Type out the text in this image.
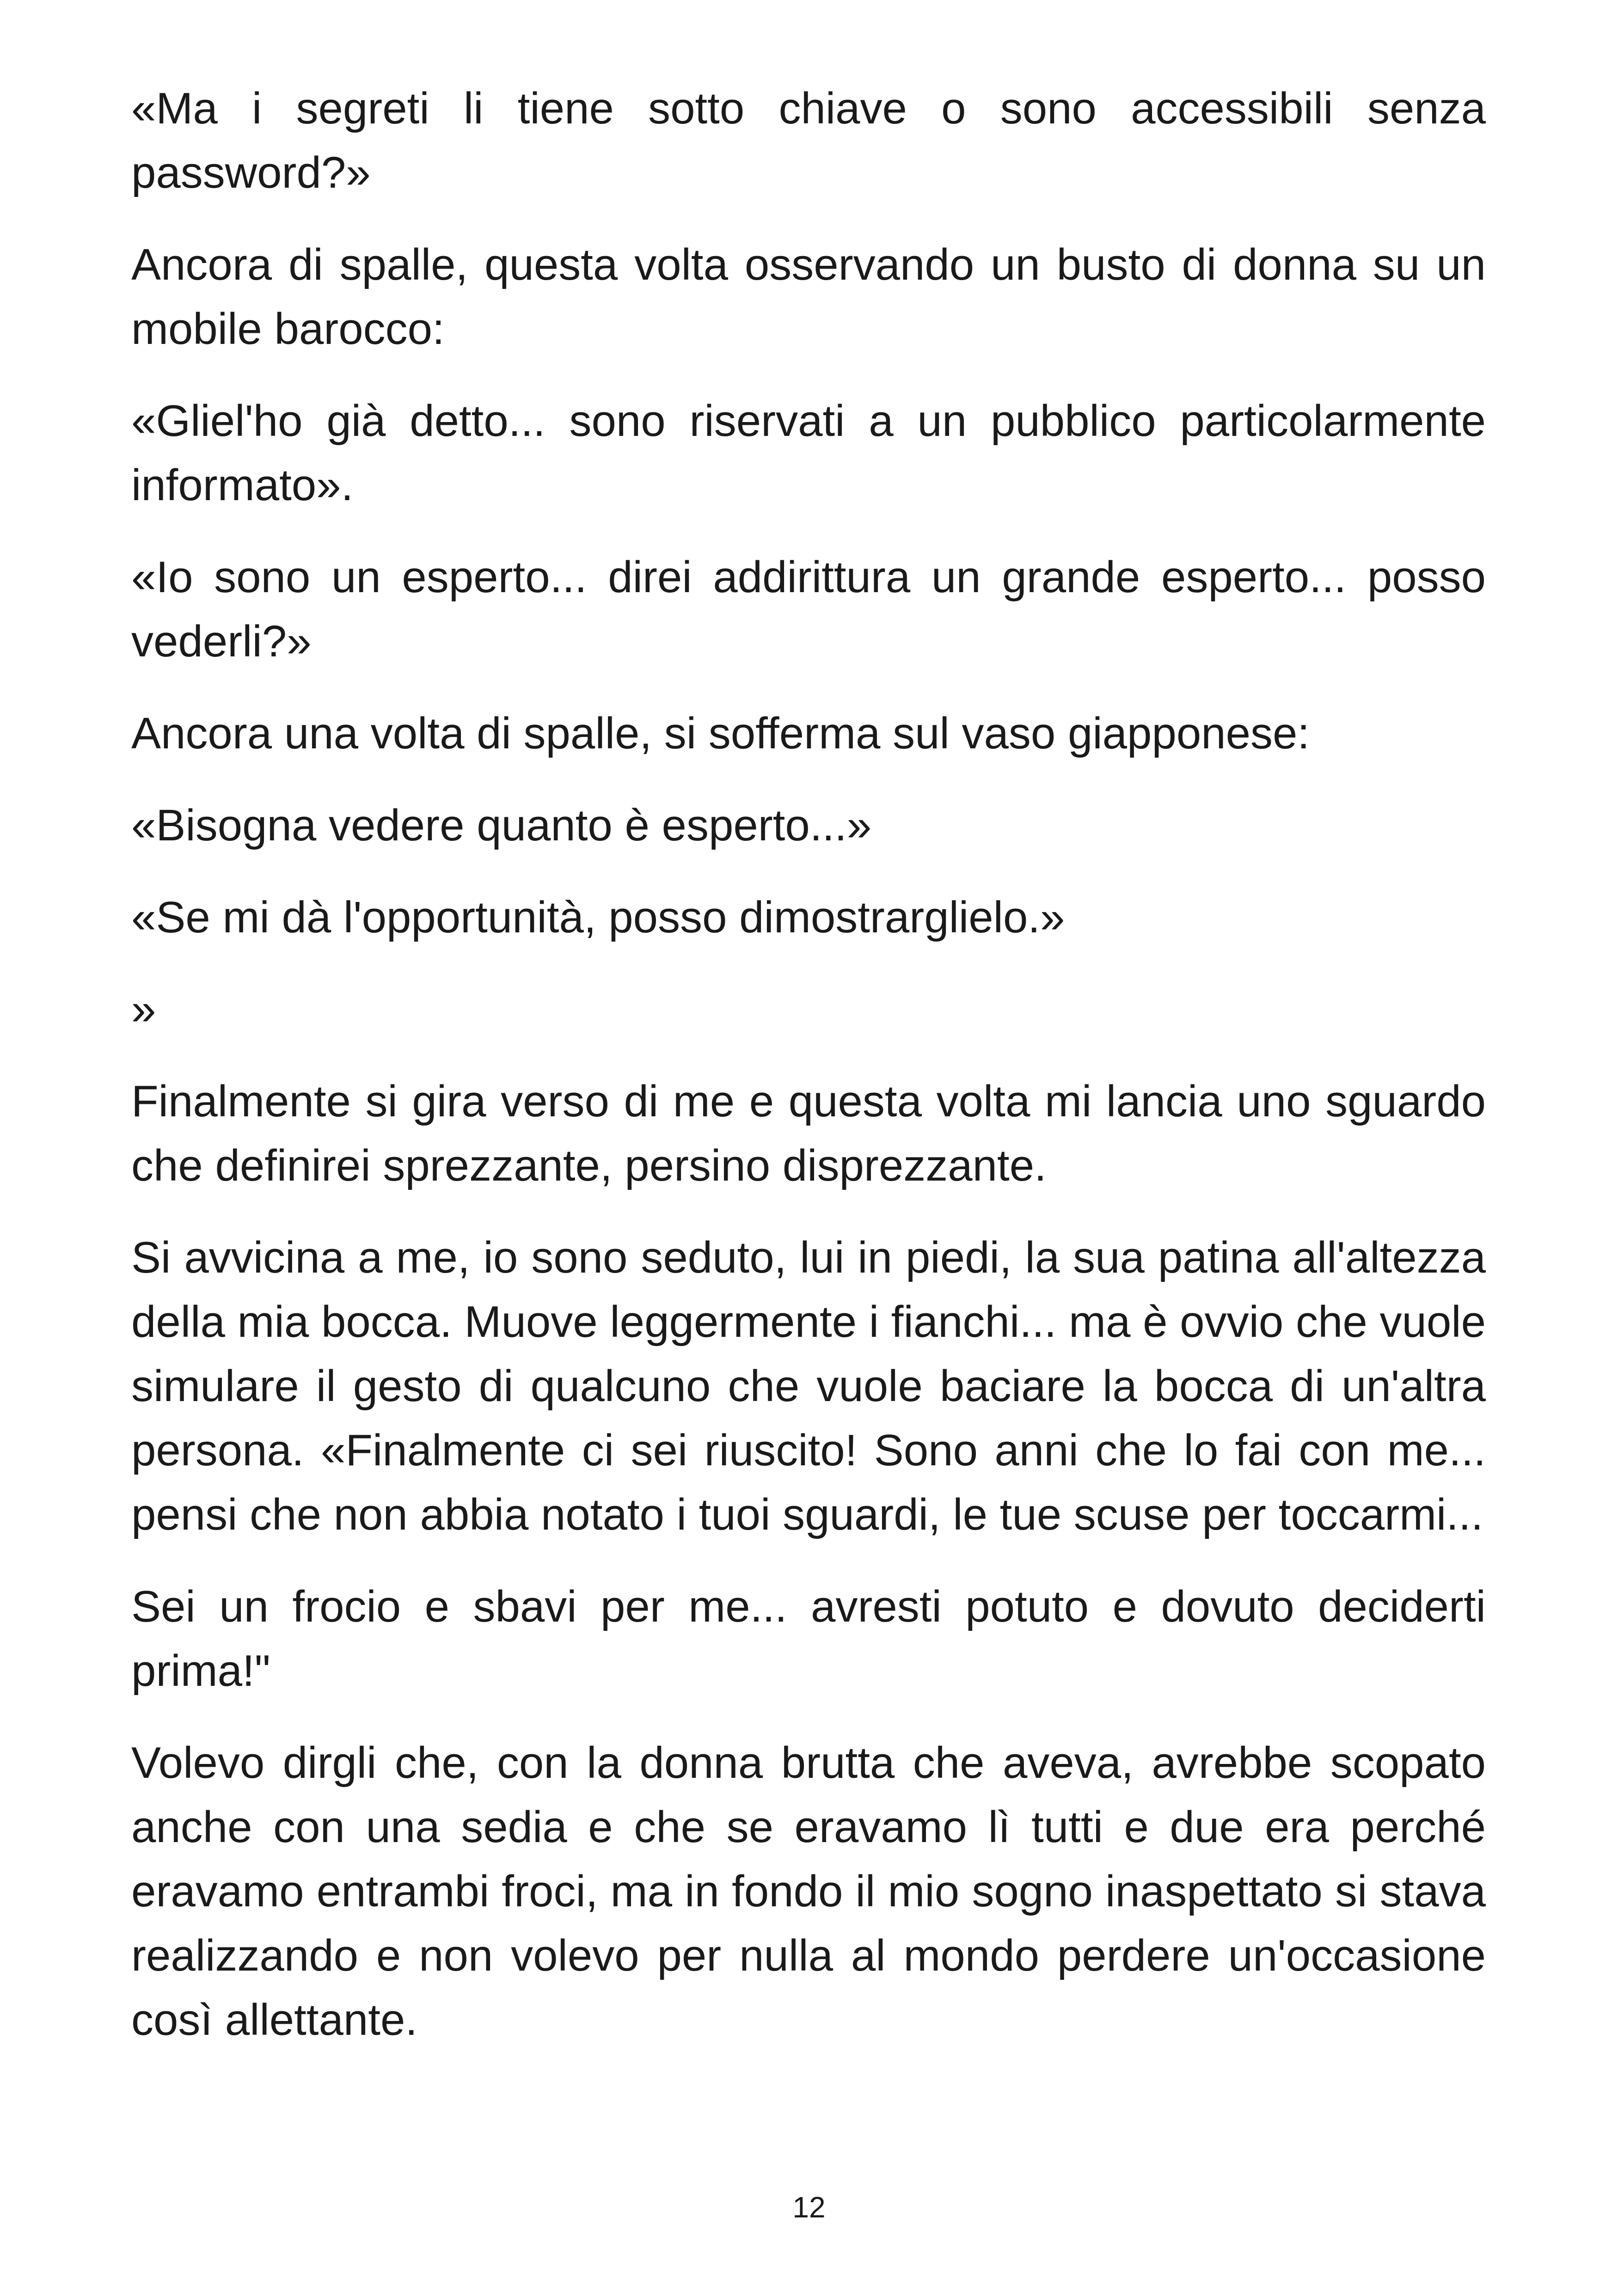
«Ma i segreti li tiene sotto chiave o sono accessibili senza password?»

Ancora di spalle, questa volta osservando un busto di donna su un mobile barocco:

«Gliel'ho già detto... sono riservati a un pubblico particolarmente informato».

«Io sono un esperto... direi addirittura un grande esperto... posso vederli?»

Ancora una volta di spalle, si sofferma sul vaso giapponese:

«Bisogna vedere quanto è esperto...»

«Se mi dà l'opportunità, posso dimostrarglielo.»

»

Finalmente si gira verso di me e questa volta mi lancia uno sguardo che definirei sprezzante, persino disprezzante.

Si avvicina a me, io sono seduto, lui in piedi, la sua patina all'altezza della mia bocca. Muove leggermente i fianchi... ma è ovvio che vuole simulare il gesto di qualcuno che vuole baciare la bocca di un'altra persona. «Finalmente ci sei riuscito! Sono anni che lo fai con me... pensi che non abbia notato i tuoi sguardi, le tue scuse per toccarmi...

Sei un frocio e sbavi per me... avresti potuto e dovuto deciderti prima!"

Volevo dirgli che, con la donna brutta che aveva, avrebbe scopato anche con una sedia e che se eravamo lì tutti e due era perché eravamo entrambi froci, ma in fondo il mio sogno inaspettato si stava realizzando e non volevo per nulla al mondo perdere un'occasione così allettante.

12
